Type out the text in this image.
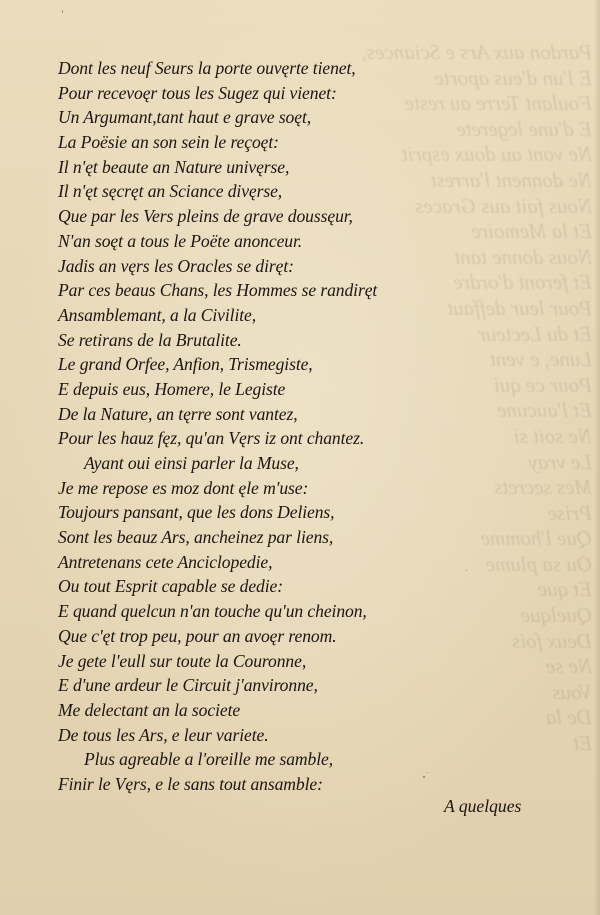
Pardon aux Ars e Sciances,
E l'un d'eus aporte
Foulant Terre au reste
E d'une legerete
Ne vont au doux esprit
Ne donnent l'arrest
Nous fait aus Graces
Et la Memoire
Nous donne tant
Et feront d'ordre
Pour leur deffaut
Et du Lecteur
Lune, e vent
Pour ce qui
Et l'aucune
Ne soit si
Le vray
Mes secrets
Prise
Que l'homme
Ou sa plume
Et que
Quelque
Deux fois
Ne se
Vous
De la
Et
Dont les neuf Seurs la porte ouvęrte tienet,
Pour recevoęr tous les Sugez qui vienet:
Un Argumant,tant haut e grave soęt,
La Poësie an son sein le reçoęt:
Il n'ęt beaute an Nature univęrse,
Il n'ęt sęcręt an Sciance divęrse,
Que par les Vers pleins de grave doussęur,
N'an soęt a tous le Poëte anonceur.
Jadis an vęrs les Oracles se diręt:
Par ces beaus Chans, les Hommes se randiręt
Ansamblemant, a la Civilite,
Se retirans de la Brutalite.
Le grand Orfee, Anfion, Trismegiste,
E depuis eus, Homere, le Legiste
De la Nature, an tęrre sont vantez,
Pour les hauz fęz, qu'an Vęrs iz ont chantez.
Ayant oui einsi parler la Muse,
Je me repose es moz dont ęle m'use:
Toujours pansant, que les dons Deliens,
Sont les beauz Ars, ancheinez par liens,
Antretenans cete Anciclopedie,
Ou tout Esprit capable se dedie:
E quand quelcun n'an touche qu'un cheinon,
Que c'ęt trop peu, pour an avoęr renom.
Je gete l'eull sur toute la Couronne,
E d'une ardeur le Circuit j'anvironne,
Me delectant an la societe
De tous les Ars, e leur variete.
Plus agreable a l'oreille me samble,
Finir le Vęrs, e le sans tout ansamble:
A quelques
